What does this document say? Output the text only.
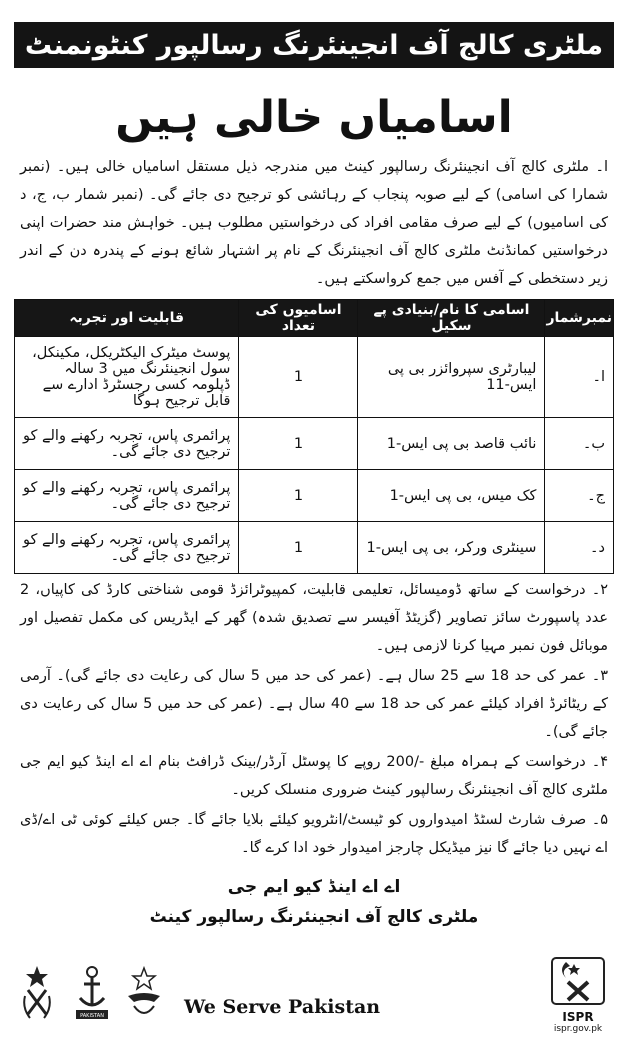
ملٹری کالج آف انجینئرنگ رسالپور کنٹونمنٹ
اسامیاں خالی ہیں

ا۔ ملٹری کالج آف انجینئرنگ رسالپور کینٹ میں مندرجہ ذیل مستقل اسامیاں خالی ہیں۔ (نمبر شمارا کی اسامی) کے لیے صوبہ پنجاب کے رہائشی کو ترجیح دی جائے گی۔ (نمبر شمار ب، ج، د کی اسامیوں) کے لیے صرف مقامی افراد کی درخواستیں مطلوب ہیں۔ خواہش مند حضرات اپنی درخواستیں کمانڈنٹ ملٹری کالج آف انجینئرنگ کے نام پر اشتہار شائع ہونے کے پندرہ دن کے اندر زیر دستخطی کے آفس میں جمع کرواسکتے ہیں۔

نمبرشمار	اسامی کا نام/بنیادی پے سکیل	اسامیوں کی تعداد	قابلیت اور تجربہ
ا۔	لیبارٹری سپروائزر بی پی ایس-11	1	پوسٹ میٹرک الیکٹریکل، مکینکل، سول انجینئرنگ میں 3 سالہ ڈپلومہ کسی رجسٹرڈ ادارے سے قابل ترجیح ہوگا
ب۔	نائب قاصد بی پی ایس-1	1	پرائمری پاس، تجربہ رکھنے والے کو ترجیح دی جائے گی۔
ج۔	کک میس، بی پی ایس-1	1	پرائمری پاس، تجربہ رکھنے والے کو ترجیح دی جائے گی۔
د۔	سینٹری ورکر، بی پی ایس-1	1	پرائمری پاس، تجربہ رکھنے والے کو ترجیح دی جائے گی۔

۲۔ درخواست کے ساتھ ڈومیسائل، تعلیمی قابلیت، کمپیوٹرائزڈ قومی شناختی کارڈ کی کاپیاں، 2 عدد پاسپورٹ سائز تصاویر (گزیٹڈ آفیسر سے تصدیق شدہ) گھر کے ایڈریس کی مکمل تفصیل اور موبائل فون نمبر مہیا کرنا لازمی ہیں۔

۳۔ عمر کی حد 18 سے 25 سال ہے۔ (عمر کی حد میں 5 سال کی رعایت دی جائے گی)۔ آرمی کے ریٹائرڈ افراد کیلئے عمر کی حد 18 سے 40 سال ہے۔ (عمر کی حد میں 5 سال کی رعایت دی جائے گی)۔

۴۔ درخواست کے ہمراہ مبلغ -/200 روپے کا پوسٹل آرڈر/بینک ڈرافٹ بنام اے اے اینڈ کیو ایم جی ملٹری کالج آف انجینئرنگ رسالپور کینٹ ضروری منسلک کریں۔

۵۔ صرف شارٹ لسٹڈ امیدواروں کو ٹیسٹ/انٹرویو کیلئے بلایا جائے گا۔ جس کیلئے کوئی ٹی اے/ڈی اے نہیں دیا جائے گا نیز میڈیکل چارجز امیدوار خود ادا کرے گا۔

اے اے اینڈ کیو ایم جی
ملٹری کالج آف انجینئرنگ رسالپور کینٹ
PAKISTAN	We Serve Pakistan	ISPR
ispr.gov.pk
